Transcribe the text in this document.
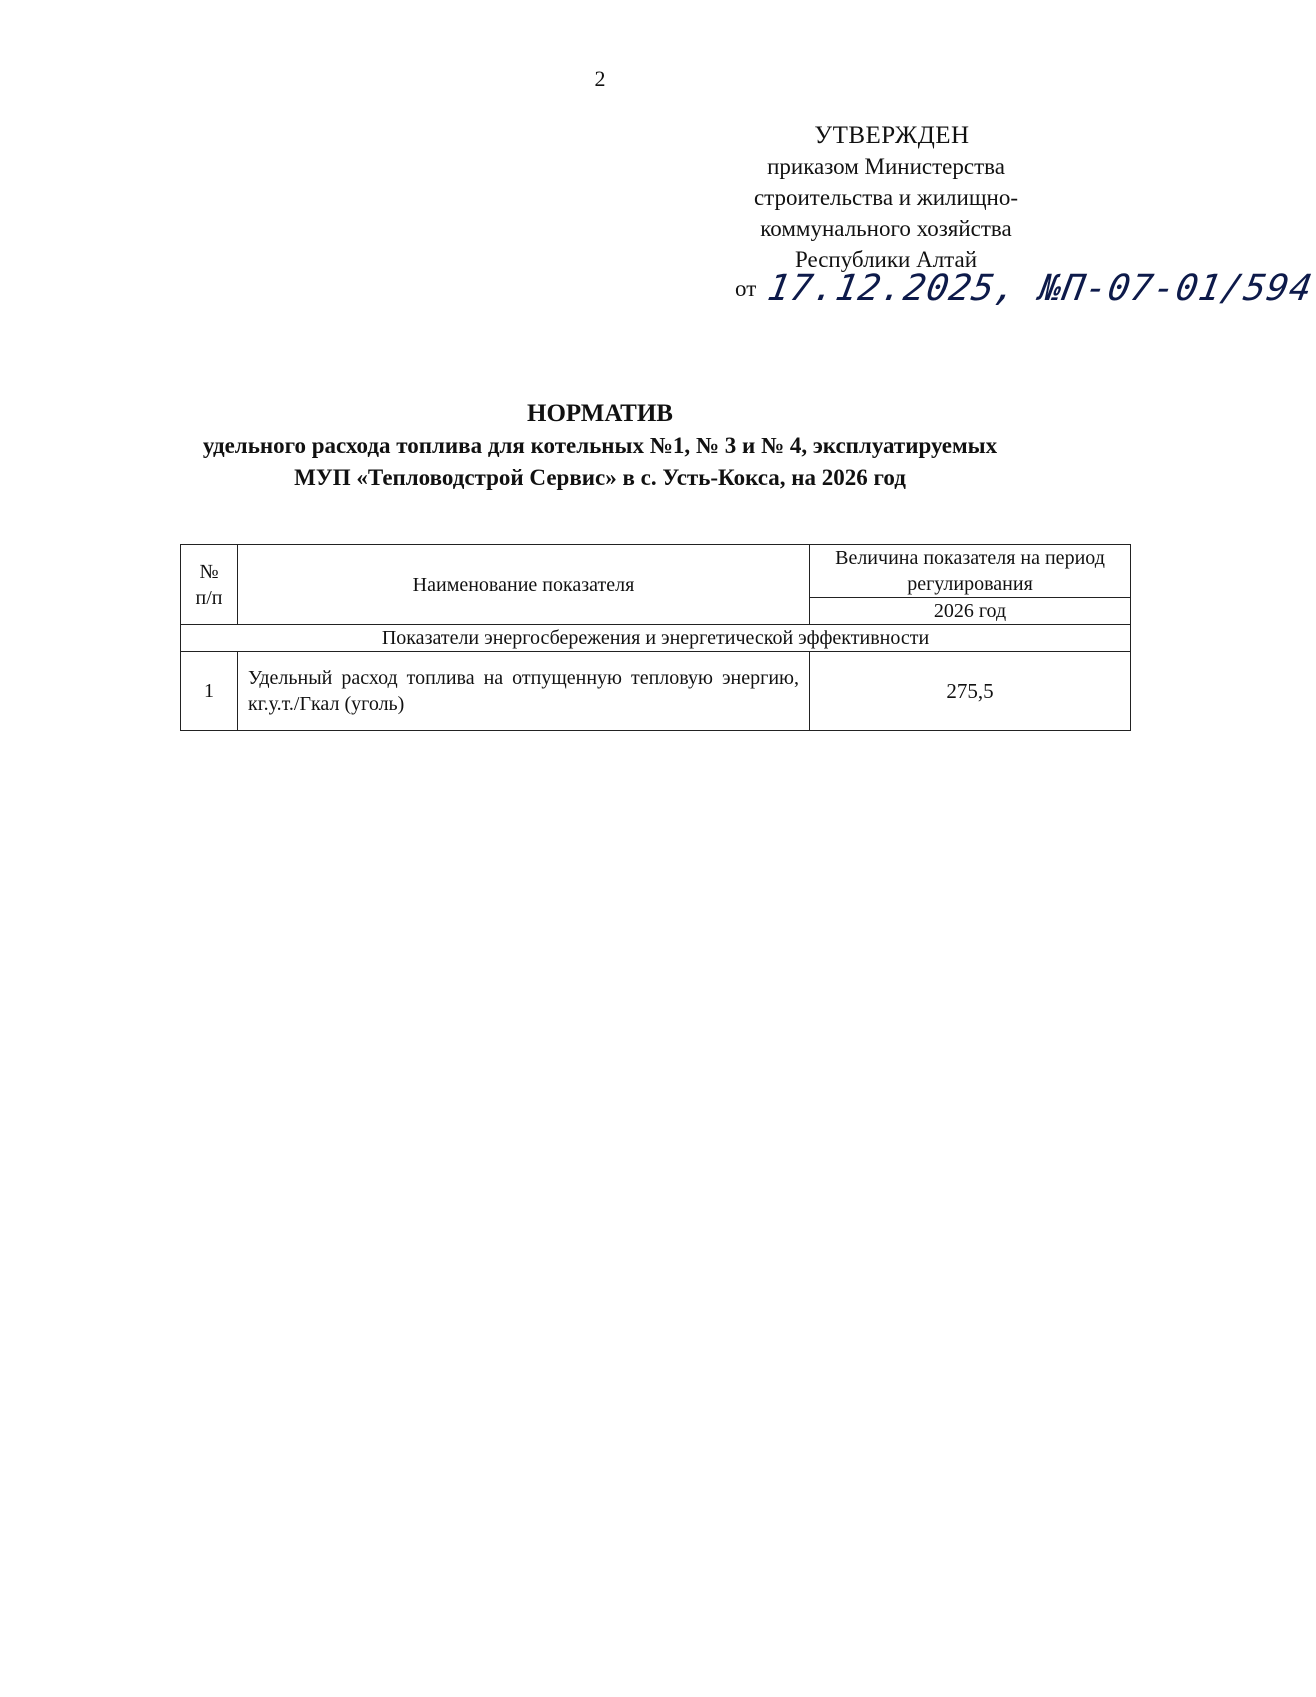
2
УТВЕРЖДЕН
приказом Министерства
строительства и жилищно-
коммунального хозяйства
Республики Алтай
от 17.12.2025, №П-07-01/594
НОРМАТИВ
удельного расхода топлива для котельных №1, № 3 и № 4, эксплуатируемых
МУП «Тепловодстрой Сервис» в с. Усть-Кокса, на 2026 год
№
п/п	Наименование показателя	Величина показателя на период регулирования
		2026 год
Показатели энергосбережения и энергетической эффективности		
1	Удельный расход топлива на отпущенную тепловую энергию, кг.у.т./Гкал (уголь)	275,5
